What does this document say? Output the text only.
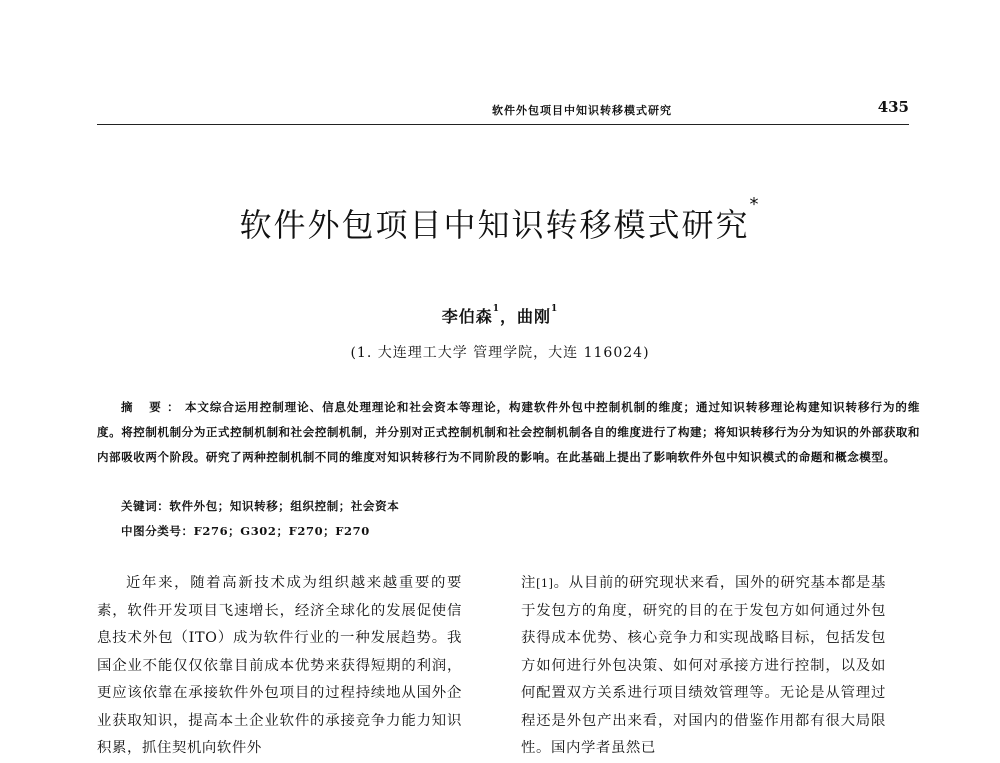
软件外包项目中知识转移模式研究	435
软件外包项目中知识转移模式研究*
李伯森$^1$，曲刚$^1$
(1. 大连理工大学 管理学院，大连 116024)
摘 要：本文综合运用控制理论、信息处理理论和社会资本等理论，构建软件外包中控制机制的维度；通过知识转移理论构建知识转移行为的维度。将控制机制分为正式控制机制和社会控制机制，并分别对正式控制机制和社会控制机制各自的维度进行了构建；将知识转移行为分为知识的外部获取和内部吸收两个阶段。研究了两种控制机制不同的维度对知识转移行为不同阶段的影响。在此基础上提出了影响软件外包中知识模式的命题和概念模型。
关键词：软件外包；知识转移；组织控制；社会资本
中图分类号：F276；G302；F270；F270
近年来，随着高新技术成为组织越来越重要的要素，软件开发项目飞速增长，经济全球化的发展促使信息技术外包（ITO）成为软件行业的一种发展趋势。我国企业不能仅仅依靠目前成本优势来获得短期的利润，更应该依靠在承接软件外包项目的过程持续地从国外企业获取知识，提高本土企业软件的承接竞争力能力知识积累，抓住契机向软件外
注[1]。从目前的研究现状来看，国外的研究基本都是基于发包方的角度，研究的目的在于发包方如何通过外包获得成本优势、核心竞争力和实现战略目标，包括发包方如何进行外包决策、如何对承接方进行控制，以及如何配置双方关系进行项目绩效管理等。无论是从管理过程还是外包产出来看，对国内的借鉴作用都有很大局限性。国内学者虽然已
